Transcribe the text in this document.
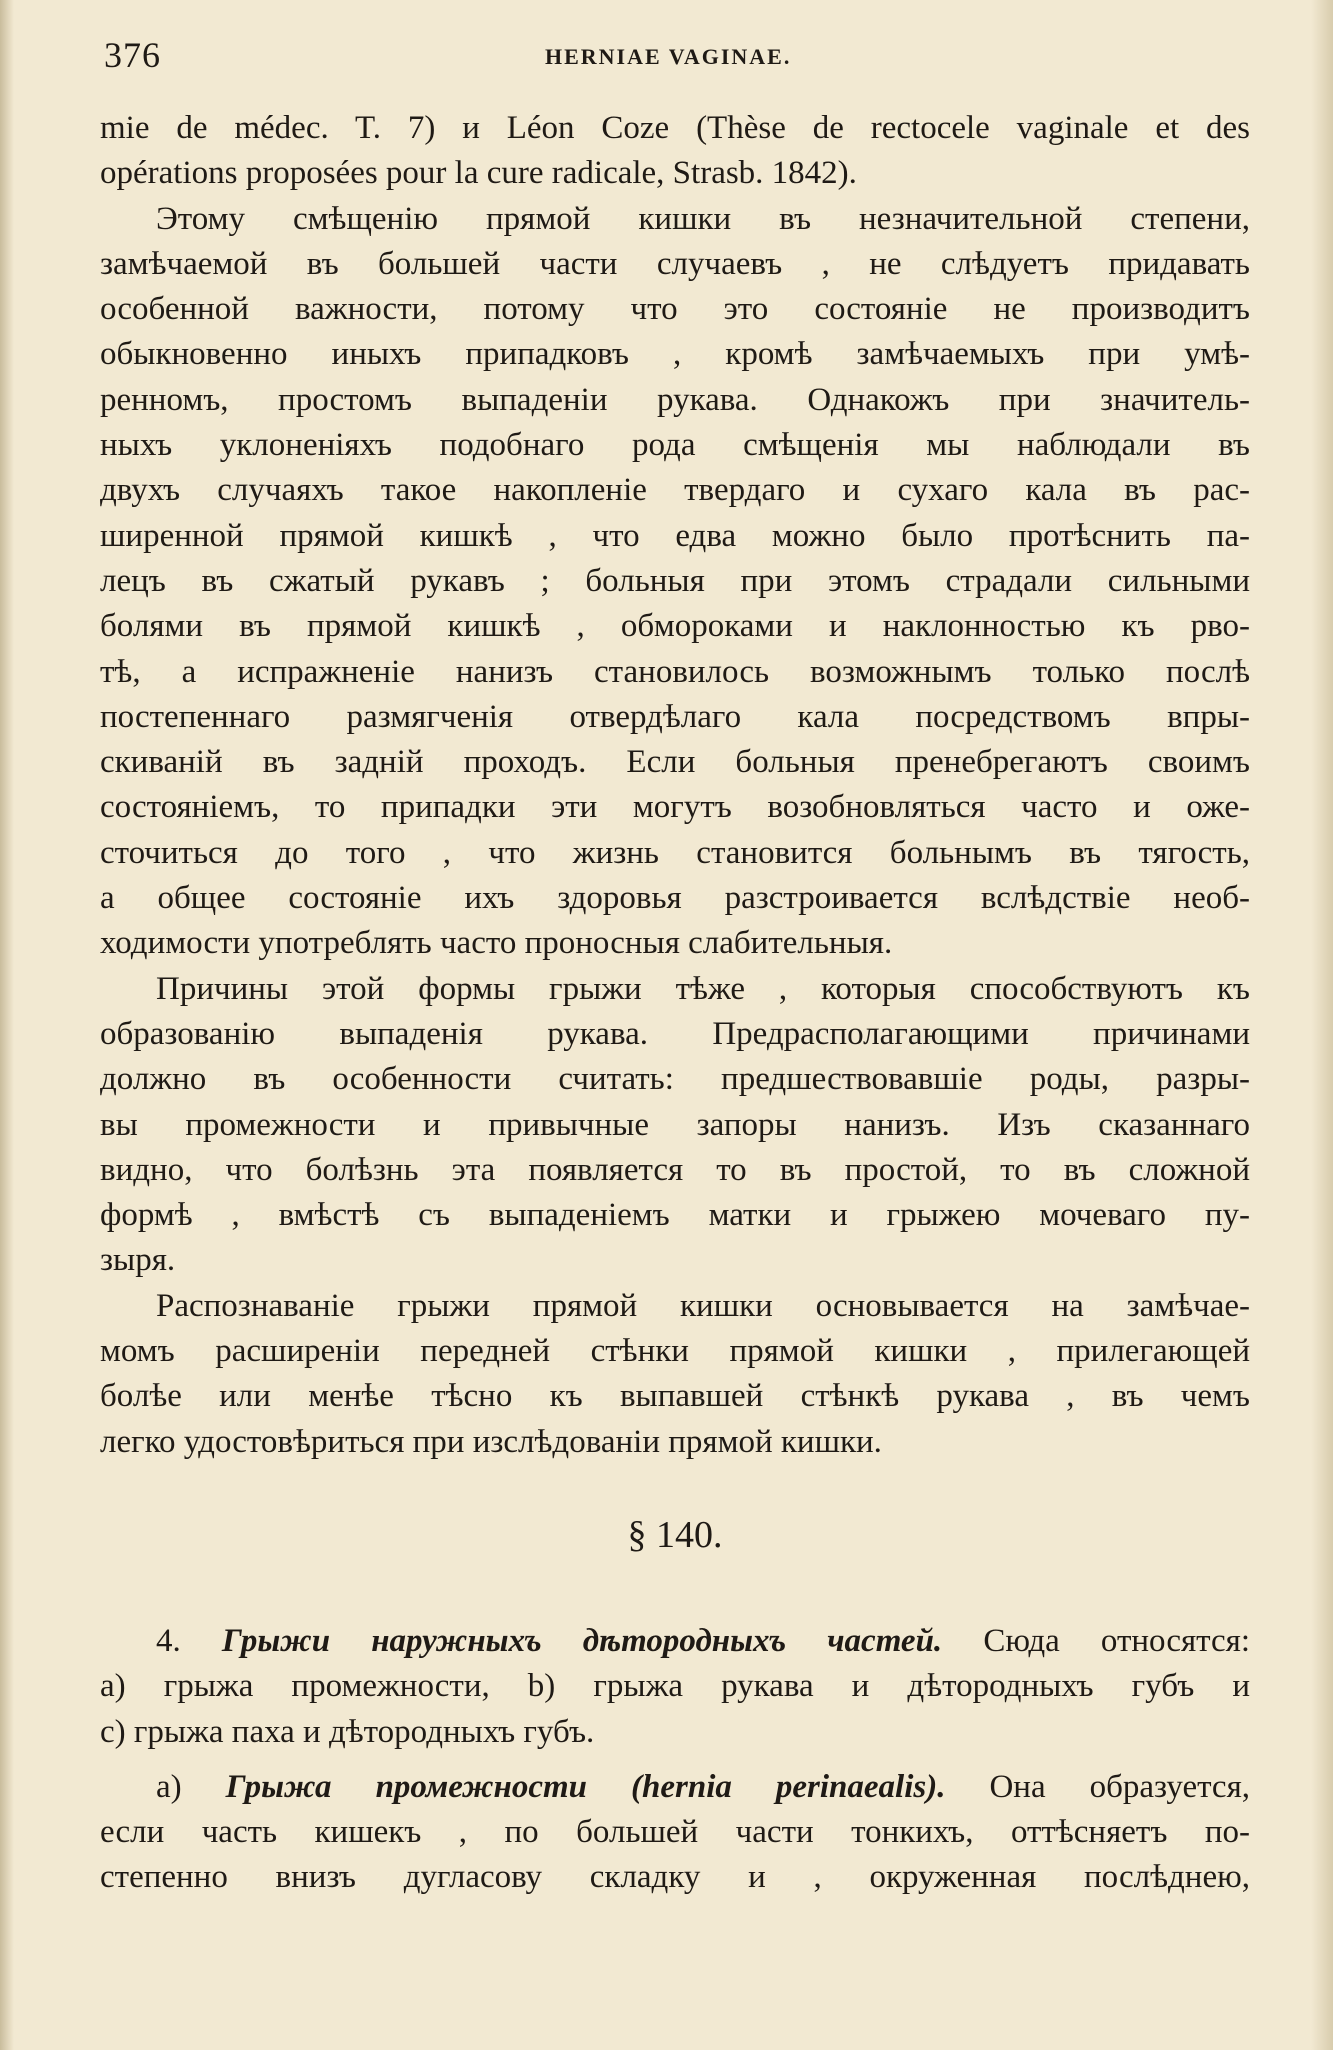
376	HERNIAE VAGINAE.
mie de médec. T. 7) и Léon Coze (Thèse de rectocele vaginale et des
opérations proposées pour la cure radicale, Strasb. 1842).
Этому смѣщенію прямой кишки въ незначительной степени,
замѣчаемой въ большей части случаевъ , не слѣдуетъ придавать
особенной важности, потому что это состояніе не производитъ
обыкновенно иныхъ припадковъ , кромѣ замѣчаемыхъ при умѣ-
ренномъ, простомъ выпаденіи рукава. Однакожъ при значитель-
ныхъ уклоненіяхъ подобнаго рода смѣщенія мы наблюдали въ
двухъ случаяхъ такое накопленіе твердаго и сухаго кала въ рас-
ширенной прямой кишкѣ , что едва можно было протѣснить па-
лецъ въ сжатый рукавъ ; больныя при этомъ страдали сильными
болями въ прямой кишкѣ , обмороками и наклонностью къ рво-
тѣ, а испражненіе нанизъ становилось возможнымъ только послѣ
постепеннаго размягченія отвердѣлаго кала посредствомъ впры-
скиваній въ задній проходъ. Если больныя пренебрегаютъ своимъ
состояніемъ, то припадки эти могутъ возобновляться часто и оже-
сточиться до того , что жизнь становится больнымъ въ тягость,
а общее состояніе ихъ здоровья разстроивается вслѣдствіе необ-
ходимости употреблять часто проносныя слабительныя.
Причины этой формы грыжи тѣже , которыя способствуютъ къ
образованію выпаденія рукава. Предрасполагающими причинами
должно въ особенности считать: предшествовавшіе роды, разры-
вы промежности и привычные запоры нанизъ. Изъ сказаннаго
видно, что болѣзнь эта появляется то въ простой, то въ сложной
формѣ , вмѣстѣ съ выпаденіемъ матки и грыжею мочеваго пу-
зыря.
Распознаваніе грыжи прямой кишки основывается на замѣчае-
момъ расширеніи передней стѣнки прямой кишки , прилегающей
болѣе или менѣе тѣсно къ выпавшей стѣнкѣ рукава , въ чемъ
легко удостовѣриться при изслѣдованіи прямой кишки.
§ 140.
4. Грыжи наружныхъ дѣтородныхъ частей. Сюда относятся:
a) грыжа промежности, b) грыжа рукава и дѣтородныхъ губъ и
c) грыжа паха и дѣтородныхъ губъ.
a) Грыжа промежности (hernia perinaealis). Она образуется,
если часть кишекъ , по большей части тонкихъ, оттѣсняетъ по-
степенно внизъ дугласову складку и , окруженная послѣднею,
